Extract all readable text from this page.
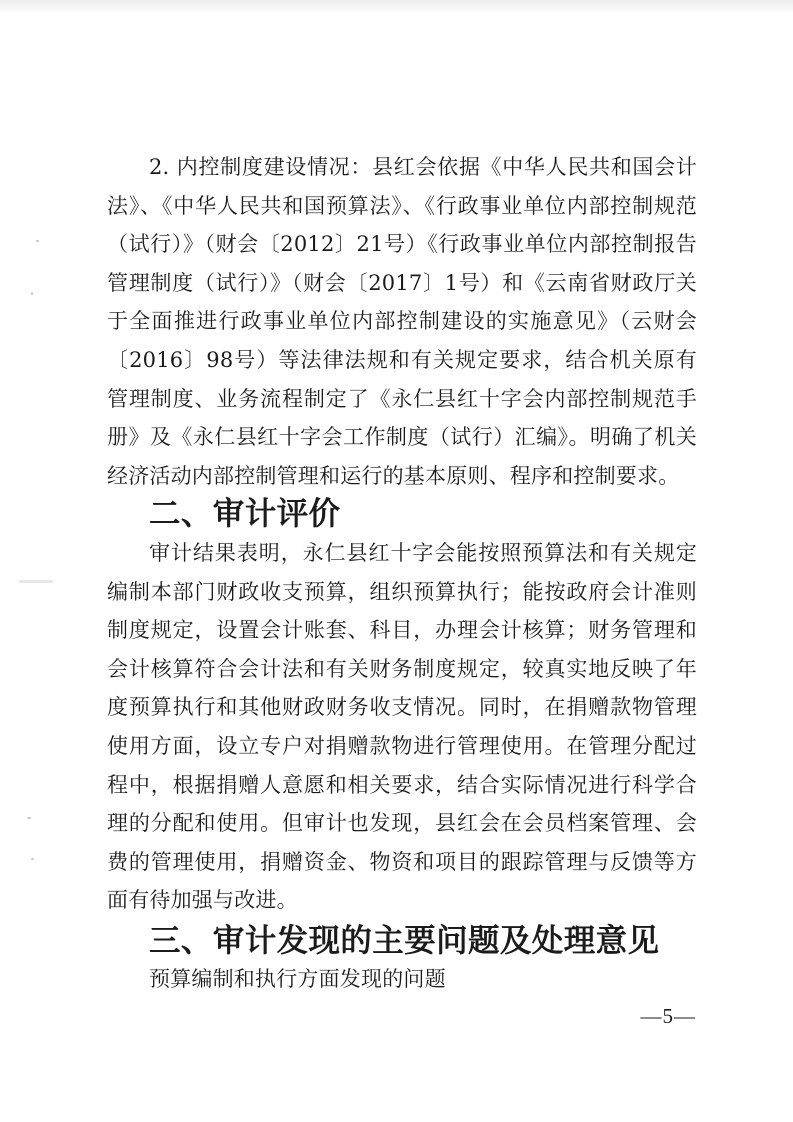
2. 内控制度建设情况：县红会依据《中华人民共和国会计法》、《中华人民共和国预算法》、《行政事业单位内部控制规范（试行）》（财会〔2012〕21号）《行政事业单位内部控制报告管理制度（试行）》（财会〔2017〕1号）和《云南省财政厅关于全面推进行政事业单位内部控制建设的实施意见》（云财会〔2016〕98号）等法律法规和有关规定要求，结合机关原有管理制度、业务流程制定了《永仁县红十字会内部控制规范手册》及《永仁县红十字会工作制度（试行）汇编》。明确了机关经济活动内部控制管理和运行的基本原则、程序和控制要求。

二、审计评价

审计结果表明，永仁县红十字会能按照预算法和有关规定编制本部门财政收支预算，组织预算执行；能按政府会计准则制度规定，设置会计账套、科目，办理会计核算；财务管理和会计核算符合会计法和有关财务制度规定，较真实地反映了年度预算执行和其他财政财务收支情况。同时，在捐赠款物管理使用方面，设立专户对捐赠款物进行管理使用。在管理分配过程中，根据捐赠人意愿和相关要求，结合实际情况进行科学合理的分配和使用。但审计也发现，县红会在会员档案管理、会费的管理使用，捐赠资金、物资和项目的跟踪管理与反馈等方面有待加强与改进。

三、审计发现的主要问题及处理意见

预算编制和执行方面发现的问题

—5—
